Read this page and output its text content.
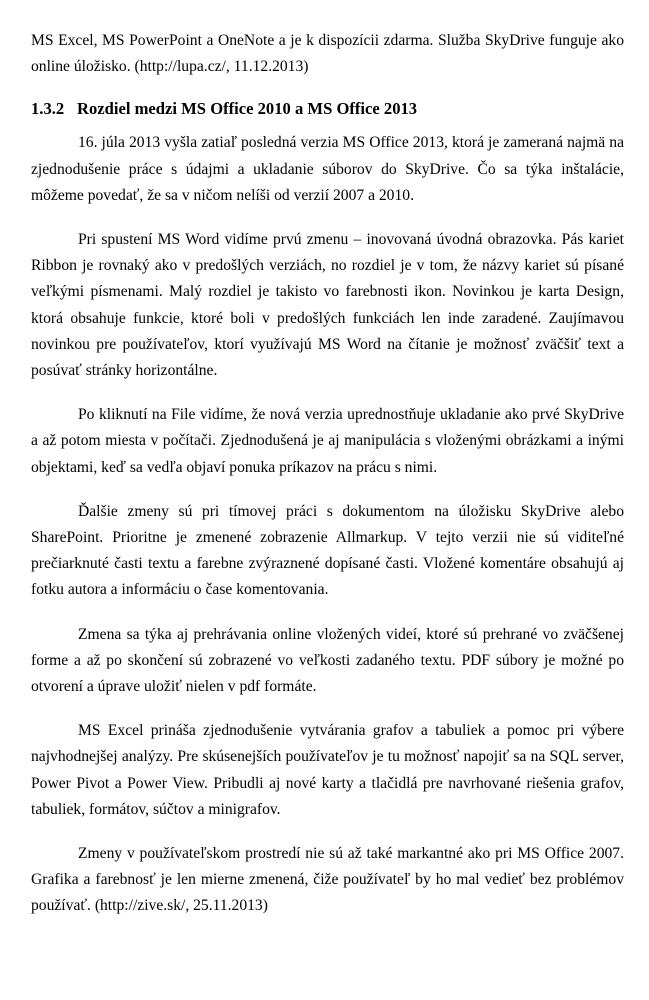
MS Excel, MS PowerPoint a OneNote a je k dispozícii zdarma. Služba SkyDrive funguje ako online úložisko. (http://lupa.cz/, 11.12.2013)

1.3.2 Rozdiel medzi MS Office 2010 a MS Office 2013

16. júla 2013 vyšla zatiaľ posledná verzia MS Office 2013, ktorá je zameraná najmä na zjednodušenie práce s údajmi a ukladanie súborov do SkyDrive. Čo sa týka inštalácie, môžeme povedať, že sa v ničom nelíši od verzií 2007 a 2010.

Pri spustení MS Word vidíme prvú zmenu – inovovaná úvodná obrazovka. Pás kariet Ribbon je rovnaký ako v predošlých verziách, no rozdiel je v tom, že názvy kariet sú písané veľkými písmenami. Malý rozdiel je takisto vo farebnosti ikon. Novinkou je karta Design, ktorá obsahuje funkcie, ktoré boli v predošlých funkciách len inde zaradené. Zaujímavou novinkou pre používateľov, ktorí využívajú MS Word na čítanie je možnosť zväčšiť text a posúvať stránky horizontálne.

Po kliknutí na File vidíme, že nová verzia uprednostňuje ukladanie ako prvé SkyDrive a až potom miesta v počítači. Zjednodušená je aj manipulácia s vloženými obrázkami a inými objektami, keď sa vedľa objaví ponuka príkazov na prácu s nimi.

Ďalšie zmeny sú pri tímovej práci s dokumentom na úložisku SkyDrive alebo SharePoint. Prioritne je zmenené zobrazenie Allmarkup. V tejto verzii nie sú viditeľné prečiarknuté časti textu a farebne zvýraznené dopísané časti. Vložené komentáre obsahujú aj fotku autora a informáciu o čase komentovania.

Zmena sa týka aj prehrávania online vložených videí, ktoré sú prehrané vo zväčšenej forme a až po skončení sú zobrazené vo veľkosti zadaného textu. PDF súbory je možné po otvorení a úprave uložiť nielen v pdf formáte.

MS Excel prináša zjednodušenie vytvárania grafov a tabuliek a pomoc pri výbere najvhodnejšej analýzy. Pre skúsenejších používateľov je tu možnosť napojiť sa na SQL server, Power Pivot a Power View. Pribudli aj nové karty a tlačidlá pre navrhované riešenia grafov, tabuliek, formátov, súčtov a minigrafov.

Zmeny v používateľskom prostredí nie sú až také markantné ako pri MS Office 2007. Grafika a farebnosť je len mierne zmenená, čiže používateľ by ho mal vedieť bez problémov používať. (http://zive.sk/, 25.11.2013)
